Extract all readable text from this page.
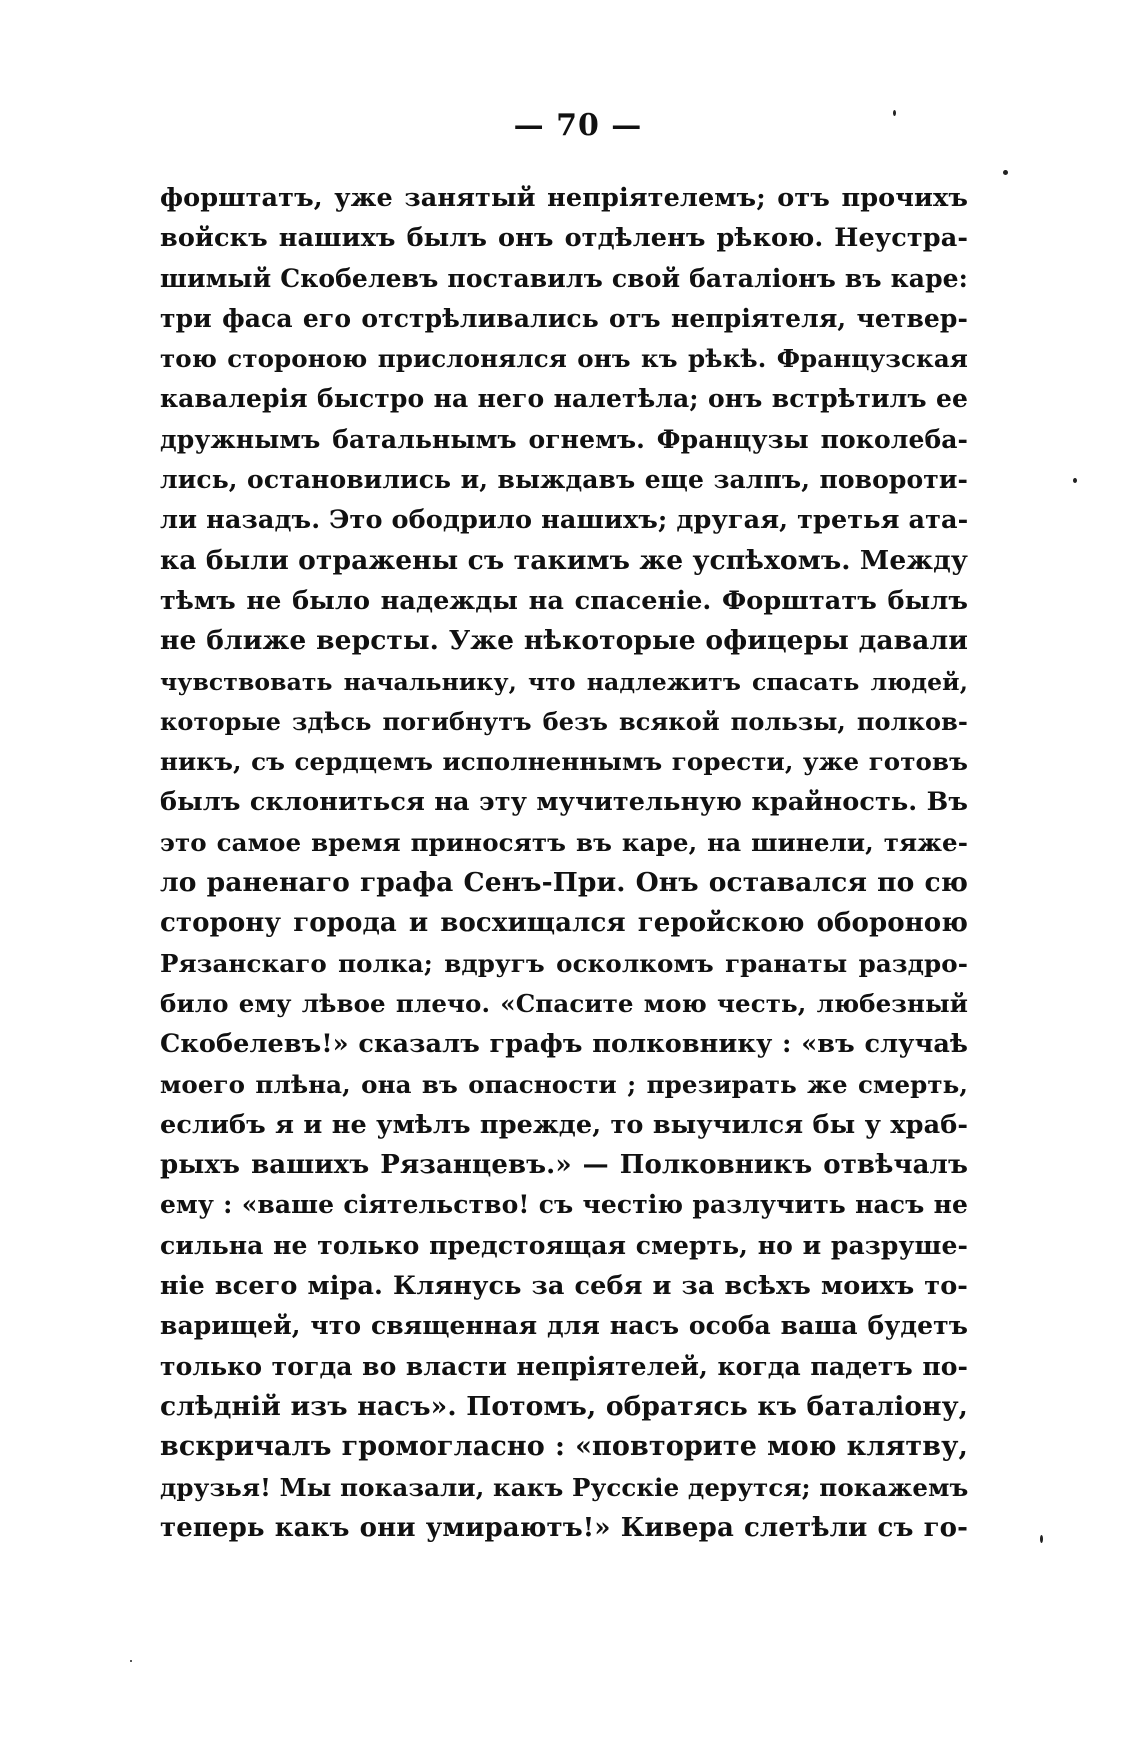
— 70 —
форштатъ, уже занятый непріятелемъ; отъ прочихъ
войскъ нашихъ былъ онъ отдѣленъ рѣкою. Неустра-
шимый Скобелевъ поставилъ свой баталіонъ въ каре:
три фаса его отстрѣливались отъ непріятеля, четвер-
тою стороною прислонялся онъ къ рѣкѣ. Французская
кавалерія быстро на него налетѣла; онъ встрѣтилъ ее
дружнымъ батальнымъ огнемъ. Французы поколеба-
лись, остановились и, выждавъ еще залпъ, повороти-
ли назадъ. Это ободрило нашихъ; другая, третья ата-
ка были отражены съ такимъ же успѣхомъ. Между
тѣмъ не было надежды на спасеніе. Форштатъ былъ
не ближе версты. Уже нѣкоторые офицеры давали
чувствовать начальнику, что надлежитъ спасать людей,
которые здѣсь погибнутъ безъ всякой пользы, полков-
никъ, съ сердцемъ исполненнымъ горести, уже готовъ
былъ склониться на эту мучительную крайность. Въ
это самое время приносятъ въ каре, на шинели, тяже-
ло раненаго графа Сенъ-При. Онъ оставался по сю
сторону города и восхищался геройскою обороною
Рязанскаго полка; вдругъ осколкомъ гранаты раздро-
било ему лѣвое плечо. «Спасите мою честь, любезный
Скобелевъ!» сказалъ графъ полковнику : «въ случаѣ
моего плѣна, она въ опасности ; презирать же смерть,
еслибъ я и не умѣлъ прежде, то выучился бы у храб-
рыхъ вашихъ Рязанцевъ.» — Полковникъ отвѣчалъ
ему : «ваше сіятельство! съ честію разлучить насъ не
сильна не только предстоящая смерть, но и разруше-
ніе всего міра. Клянусь за себя и за всѣхъ моихъ то-
варищей, что священная для насъ особа ваша будетъ
только тогда во власти непріятелей, когда падетъ по-
слѣдній изъ насъ». Потомъ, обратясь къ баталіону,
вскричалъ громогласно : «повторите мою клятву,
друзья! Мы показали, какъ Русскіе дерутся; покажемъ
теперь какъ они умираютъ!» Кивера слетѣли съ го-
